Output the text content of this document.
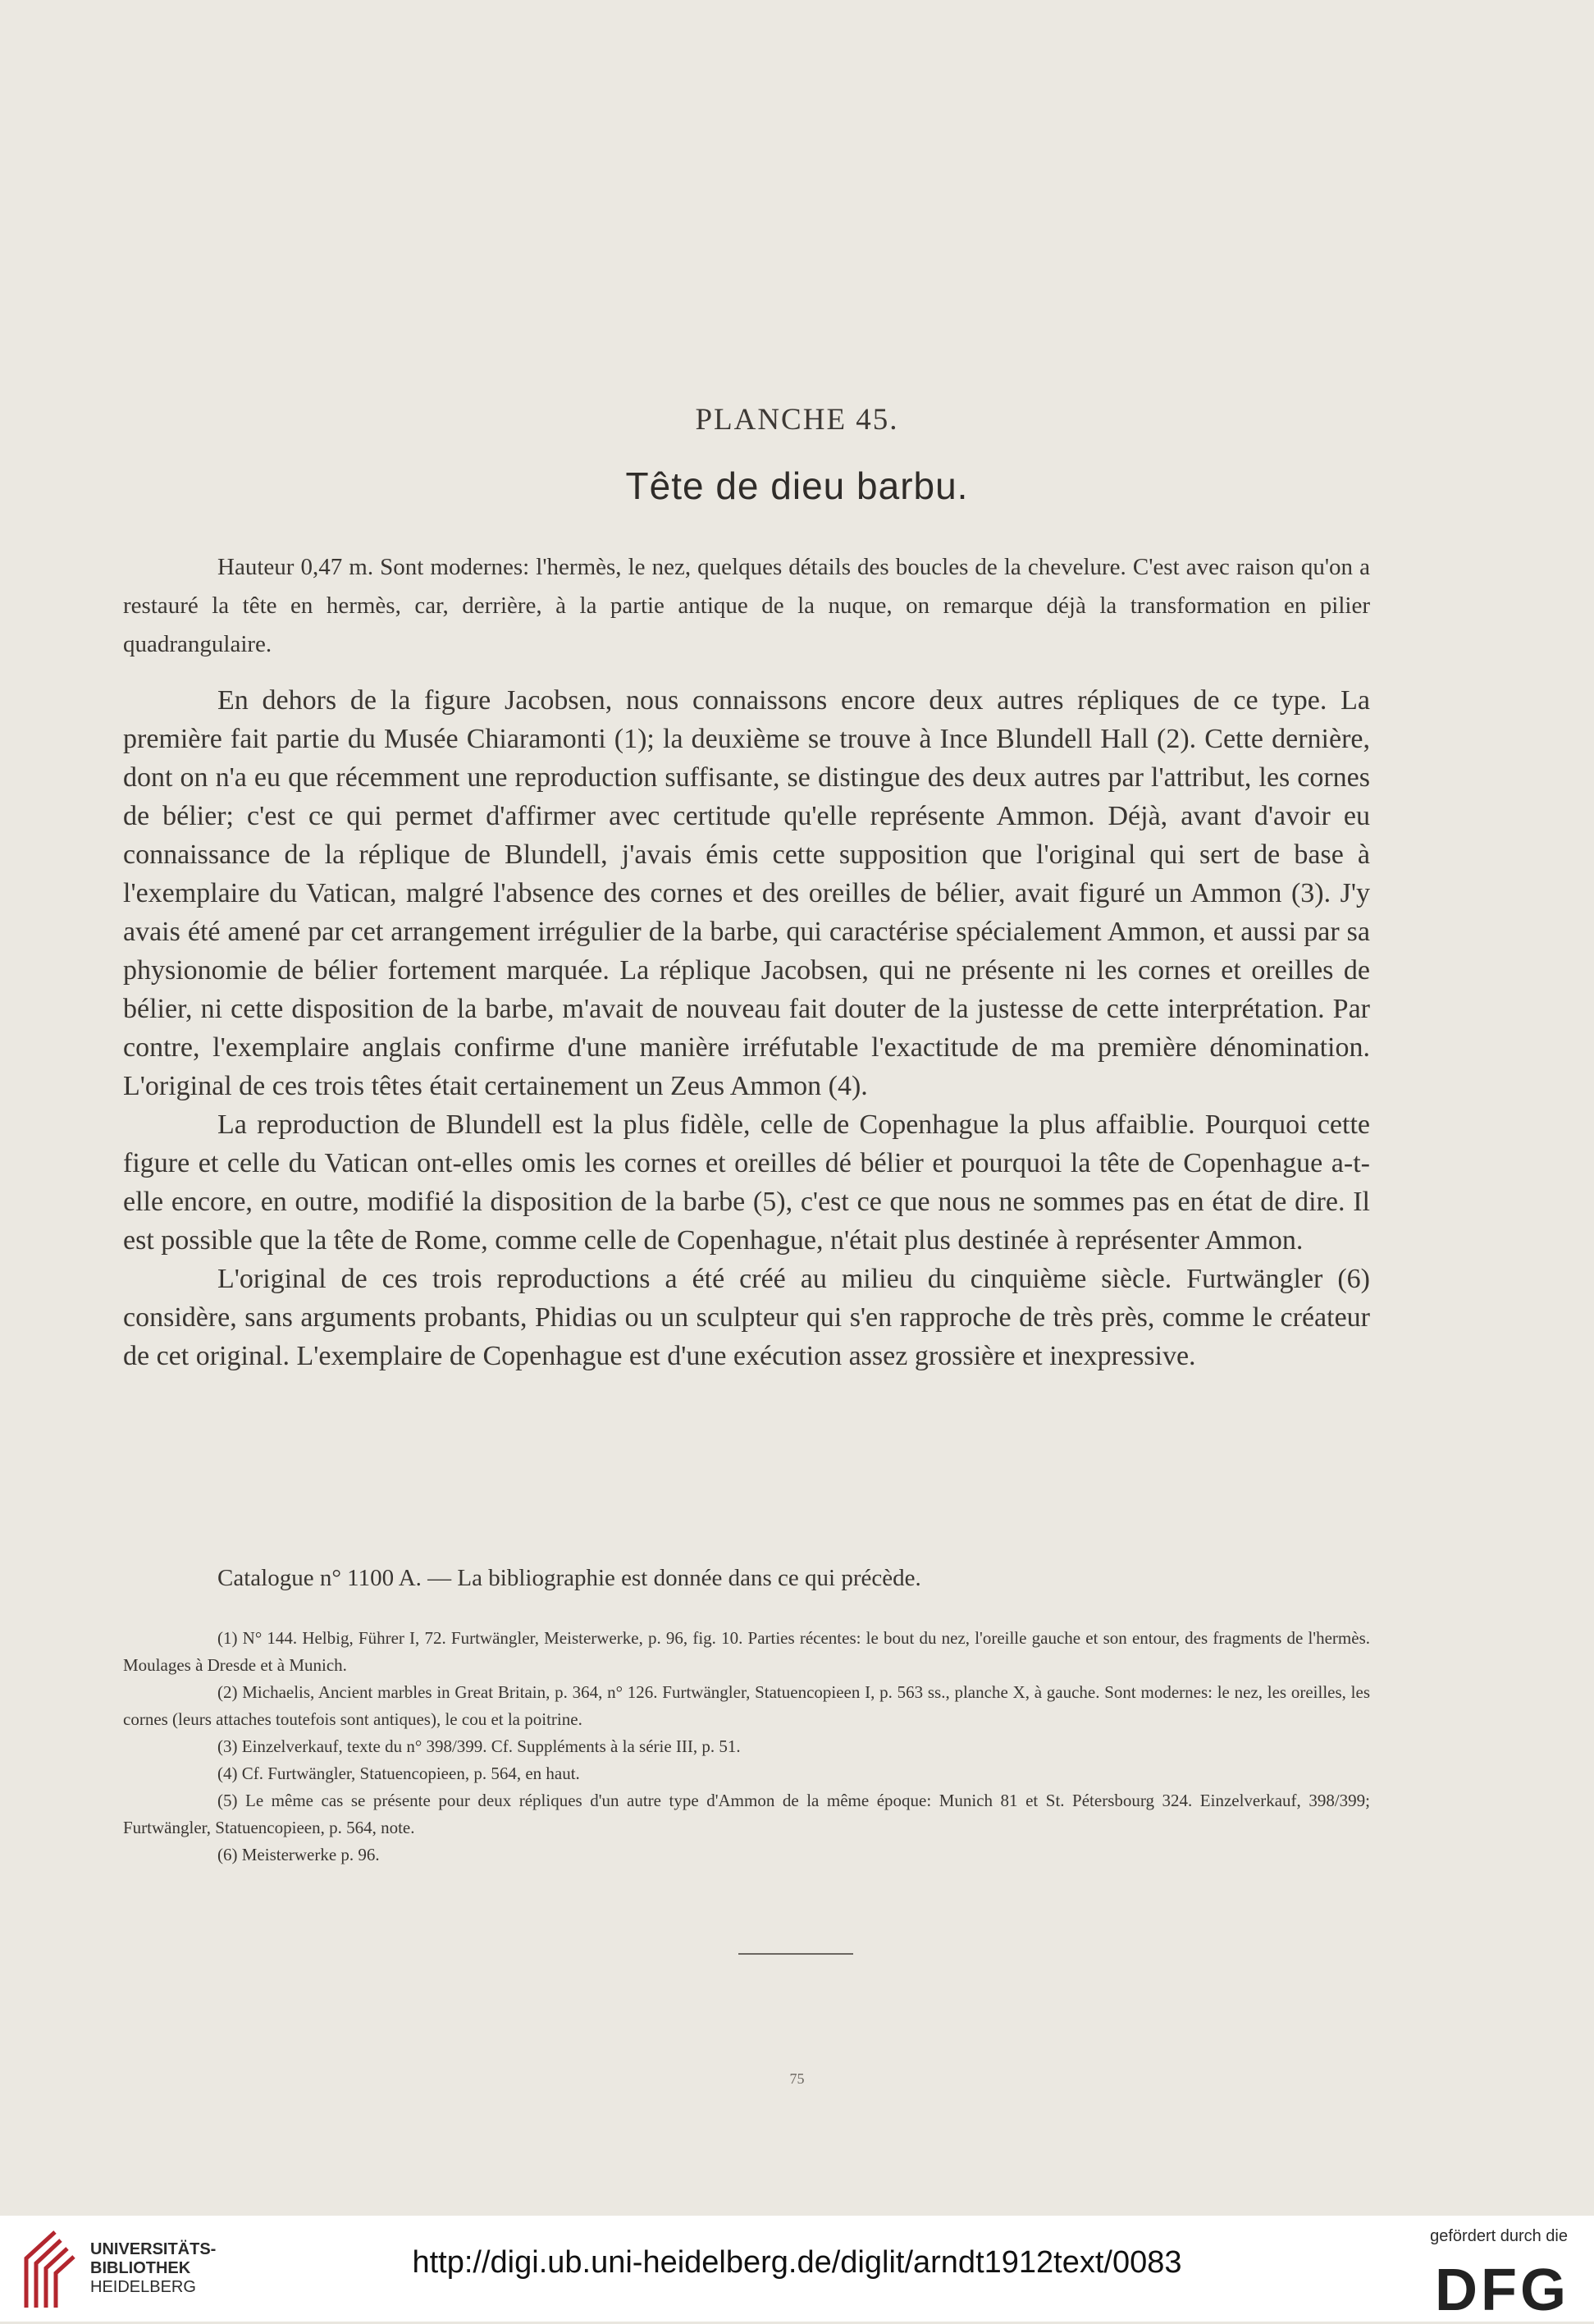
PLANCHE 45.
Tête de dieu barbu.
Hauteur 0,47 m. Sont modernes: l'hermès, le nez, quelques détails des boucles de la chevelure. C'est avec raison qu'on a restauré la tête en hermès, car, derrière, à la partie antique de la nuque, on remarque déjà la transformation en pilier quadrangulaire.

En dehors de la figure Jacobsen, nous connaissons encore deux autres répliques de ce type. La première fait partie du Musée Chiaramonti (1); la deuxième se trouve à Ince Blundell Hall (2). Cette dernière, dont on n'a eu que récemment une reproduction suffisante, se distingue des deux autres par l'attribut, les cornes de bélier; c'est ce qui permet d'affirmer avec certitude qu'elle représente Ammon. Déjà, avant d'avoir eu connaissance de la réplique de Blundell, j'avais émis cette supposition que l'original qui sert de base à l'exemplaire du Vatican, malgré l'absence des cornes et des oreilles de bélier, avait figuré un Ammon (3). J'y avais été amené par cet arrangement irrégulier de la barbe, qui caractérise spécialement Ammon, et aussi par sa physionomie de bélier fortement marquée. La réplique Jacobsen, qui ne présente ni les cornes et oreilles de bélier, ni cette disposition de la barbe, m'avait de nouveau fait douter de la justesse de cette interprétation. Par contre, l'exemplaire anglais confirme d'une manière irréfutable l'exactitude de ma première dénomination. L'original de ces trois têtes était certainement un Zeus Ammon (4).

La reproduction de Blundell est la plus fidèle, celle de Copenhague la plus affaiblie. Pourquoi cette figure et celle du Vatican ont-elles omis les cornes et oreilles dé bélier et pourquoi la tête de Copenhague a-t-elle encore, en outre, modifié la disposition de la barbe (5), c'est ce que nous ne sommes pas en état de dire. Il est possible que la tête de Rome, comme celle de Copenhague, n'était plus destinée à représenter Ammon.

L'original de ces trois reproductions a été créé au milieu du cinquième siècle. Furtwängler (6) considère, sans arguments probants, Phidias ou un sculpteur qui s'en rapproche de très près, comme le créateur de cet original. L'exemplaire de Copenhague est d'une exécution assez grossière et inexpressive.

Catalogue n° 1100 A. — La bibliographie est donnée dans ce qui précède.

(1) N° 144. Helbig, Führer I, 72. Furtwängler, Meisterwerke, p. 96, fig. 10. Parties récentes: le bout du nez, l'oreille gauche et son entour, des fragments de l'hermès. Moulages à Dresde et à Munich.

(2) Michaelis, Ancient marbles in Great Britain, p. 364, n° 126. Furtwängler, Statuencopieen I, p. 563 ss., planche X, à gauche. Sont modernes: le nez, les oreilles, les cornes (leurs attaches toutefois sont antiques), le cou et la poitrine.

(3) Einzelverkauf, texte du n° 398/399. Cf. Suppléments à la série III, p. 51.

(4) Cf. Furtwängler, Statuencopieen, p. 564, en haut.

(5) Le même cas se présente pour deux répliques d'un autre type d'Ammon de la même époque: Munich 81 et St. Pétersbourg 324. Einzelverkauf, 398/399; Furtwängler, Statuencopieen, p. 564, note.

(6) Meisterwerke p. 96.

75
UNIVERSITÄTS-
BIBLIOTHEK
HEIDELBERG
http://digi.ub.uni-heidelberg.de/diglit/arndt1912text/0083
gefördert durch die
DFG
